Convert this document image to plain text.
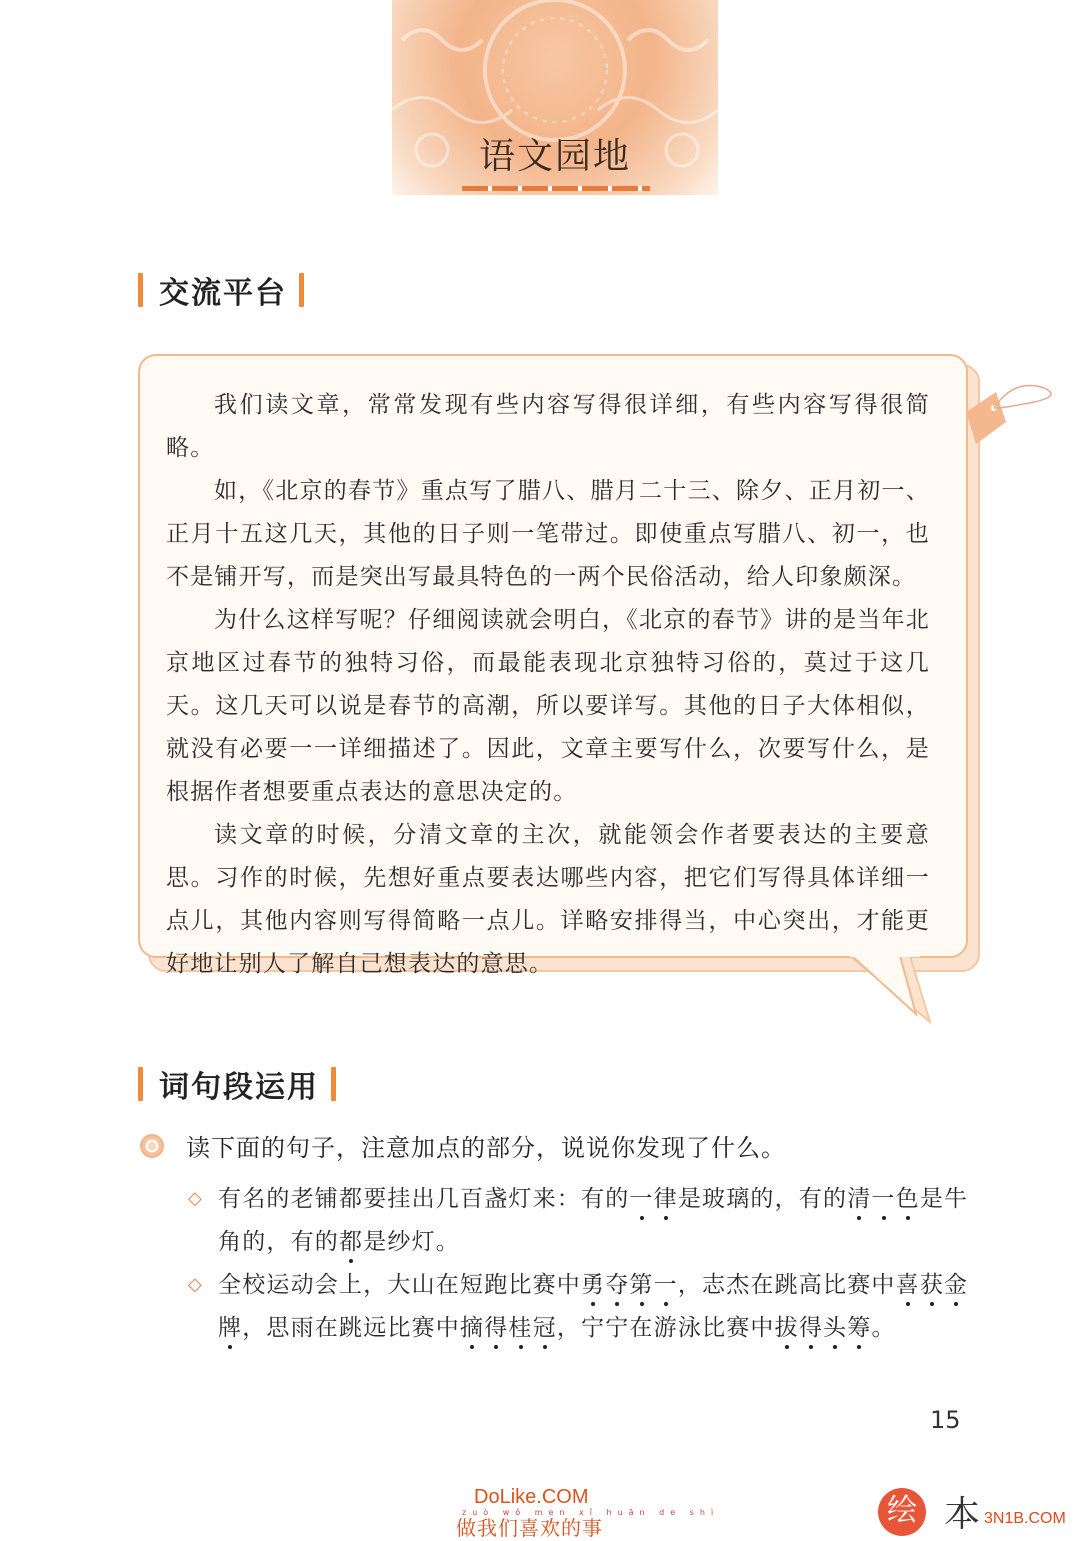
语文园地
交流平台

我们读文章，常常发现有些内容写得很详细，有些内容写得很简略。

如，《北京的春节》重点写了腊八、腊月二十三、除夕、正月初一、正月十五这几天，其他的日子则一笔带过。即使重点写腊八、初一，也不是铺开写，而是突出写最具特色的一两个民俗活动，给人印象颇深。

为什么这样写呢？仔细阅读就会明白，《北京的春节》讲的是当年北京地区过春节的独特习俗，而最能表现北京独特习俗的，莫过于这几天。这几天可以说是春节的高潮，所以要详写。其他的日子大体相似，就没有必要一一详细描述了。因此，文章主要写什么，次要写什么，是根据作者想要重点表达的意思决定的。

读文章的时候，分清文章的主次，就能领会作者要表达的主要意思。习作的时候，先想好重点要表达哪些内容，把它们写得具体详细一点儿，其他内容则写得简略一点儿。详略安排得当，中心突出，才能更好地让别人了解自己想表达的意思。

词句段运用
读下面的句子，注意加点的部分，说说你发现了什么。
◇ 有名的老铺都要挂出几百盏灯来：有的一律是玻璃的，有的清一色是牛角的，有的都是纱灯。

◇ 全校运动会上，大山在短跑比赛中勇夺第一，志杰在跳高比赛中喜获金牌，思雨在跳远比赛中摘得桂冠，宁宁在游泳比赛中拔得头筹。

15
DoLike.COM
zuò wǒ men xǐ huān de shì
做我们喜欢的事	绘 本 3N1B.COM
